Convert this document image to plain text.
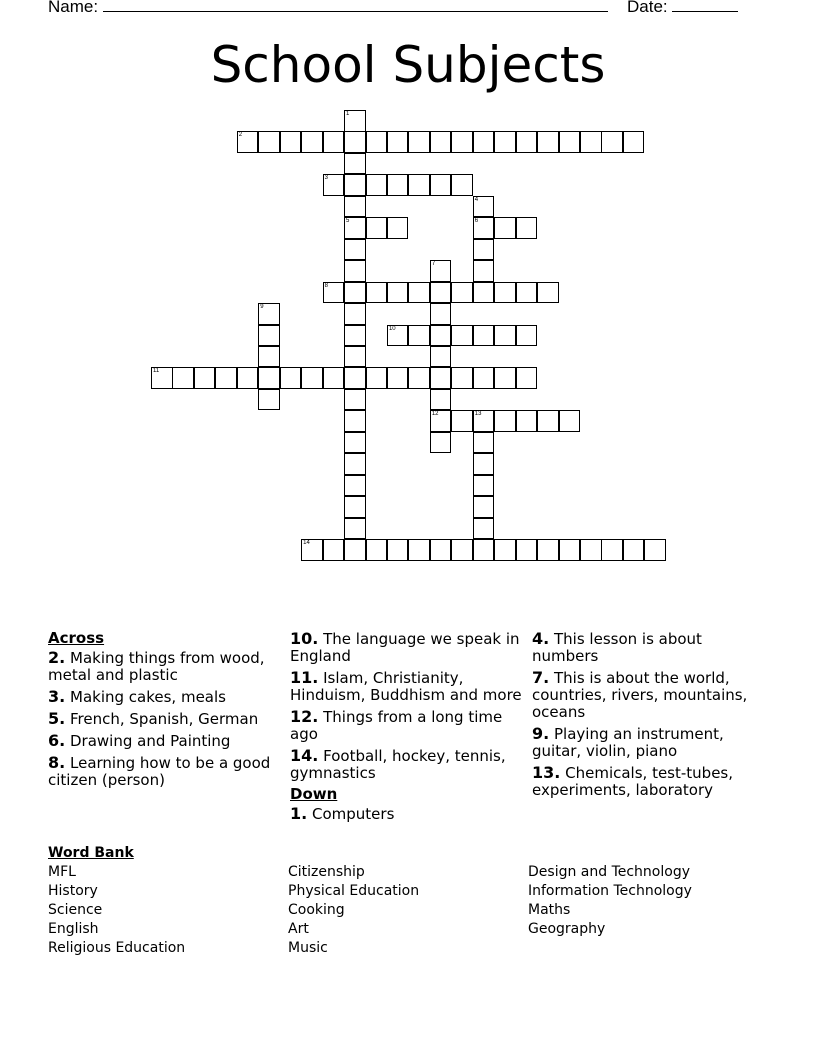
Name:	Date:
School Subjects
2
3
5	6
8
10
11
12	13
14
1
4
7
9
Across
2. Making things from wood, metal and plastic
3. Making cakes, meals
5. French, Spanish, German
6. Drawing and Painting
8. Learning how to be a good citizen (person)
10. The language we speak in England
11. Islam, Christianity, Hinduism, Buddhism and more
12. Things from a long time ago
14. Football, hockey, tennis, gymnastics
Down
1. Computers
4. This lesson is about numbers
7. This is about the world, countries, rivers, mountains, oceans
9. Playing an instrument, guitar, violin, piano
13. Chemicals, test-tubes, experiments, laboratory
Word Bank
MFL
History
Science
English
Religious Education
Citizenship
Physical Education
Cooking
Art
Music
Design and Technology
Information Technology
Maths
Geography
